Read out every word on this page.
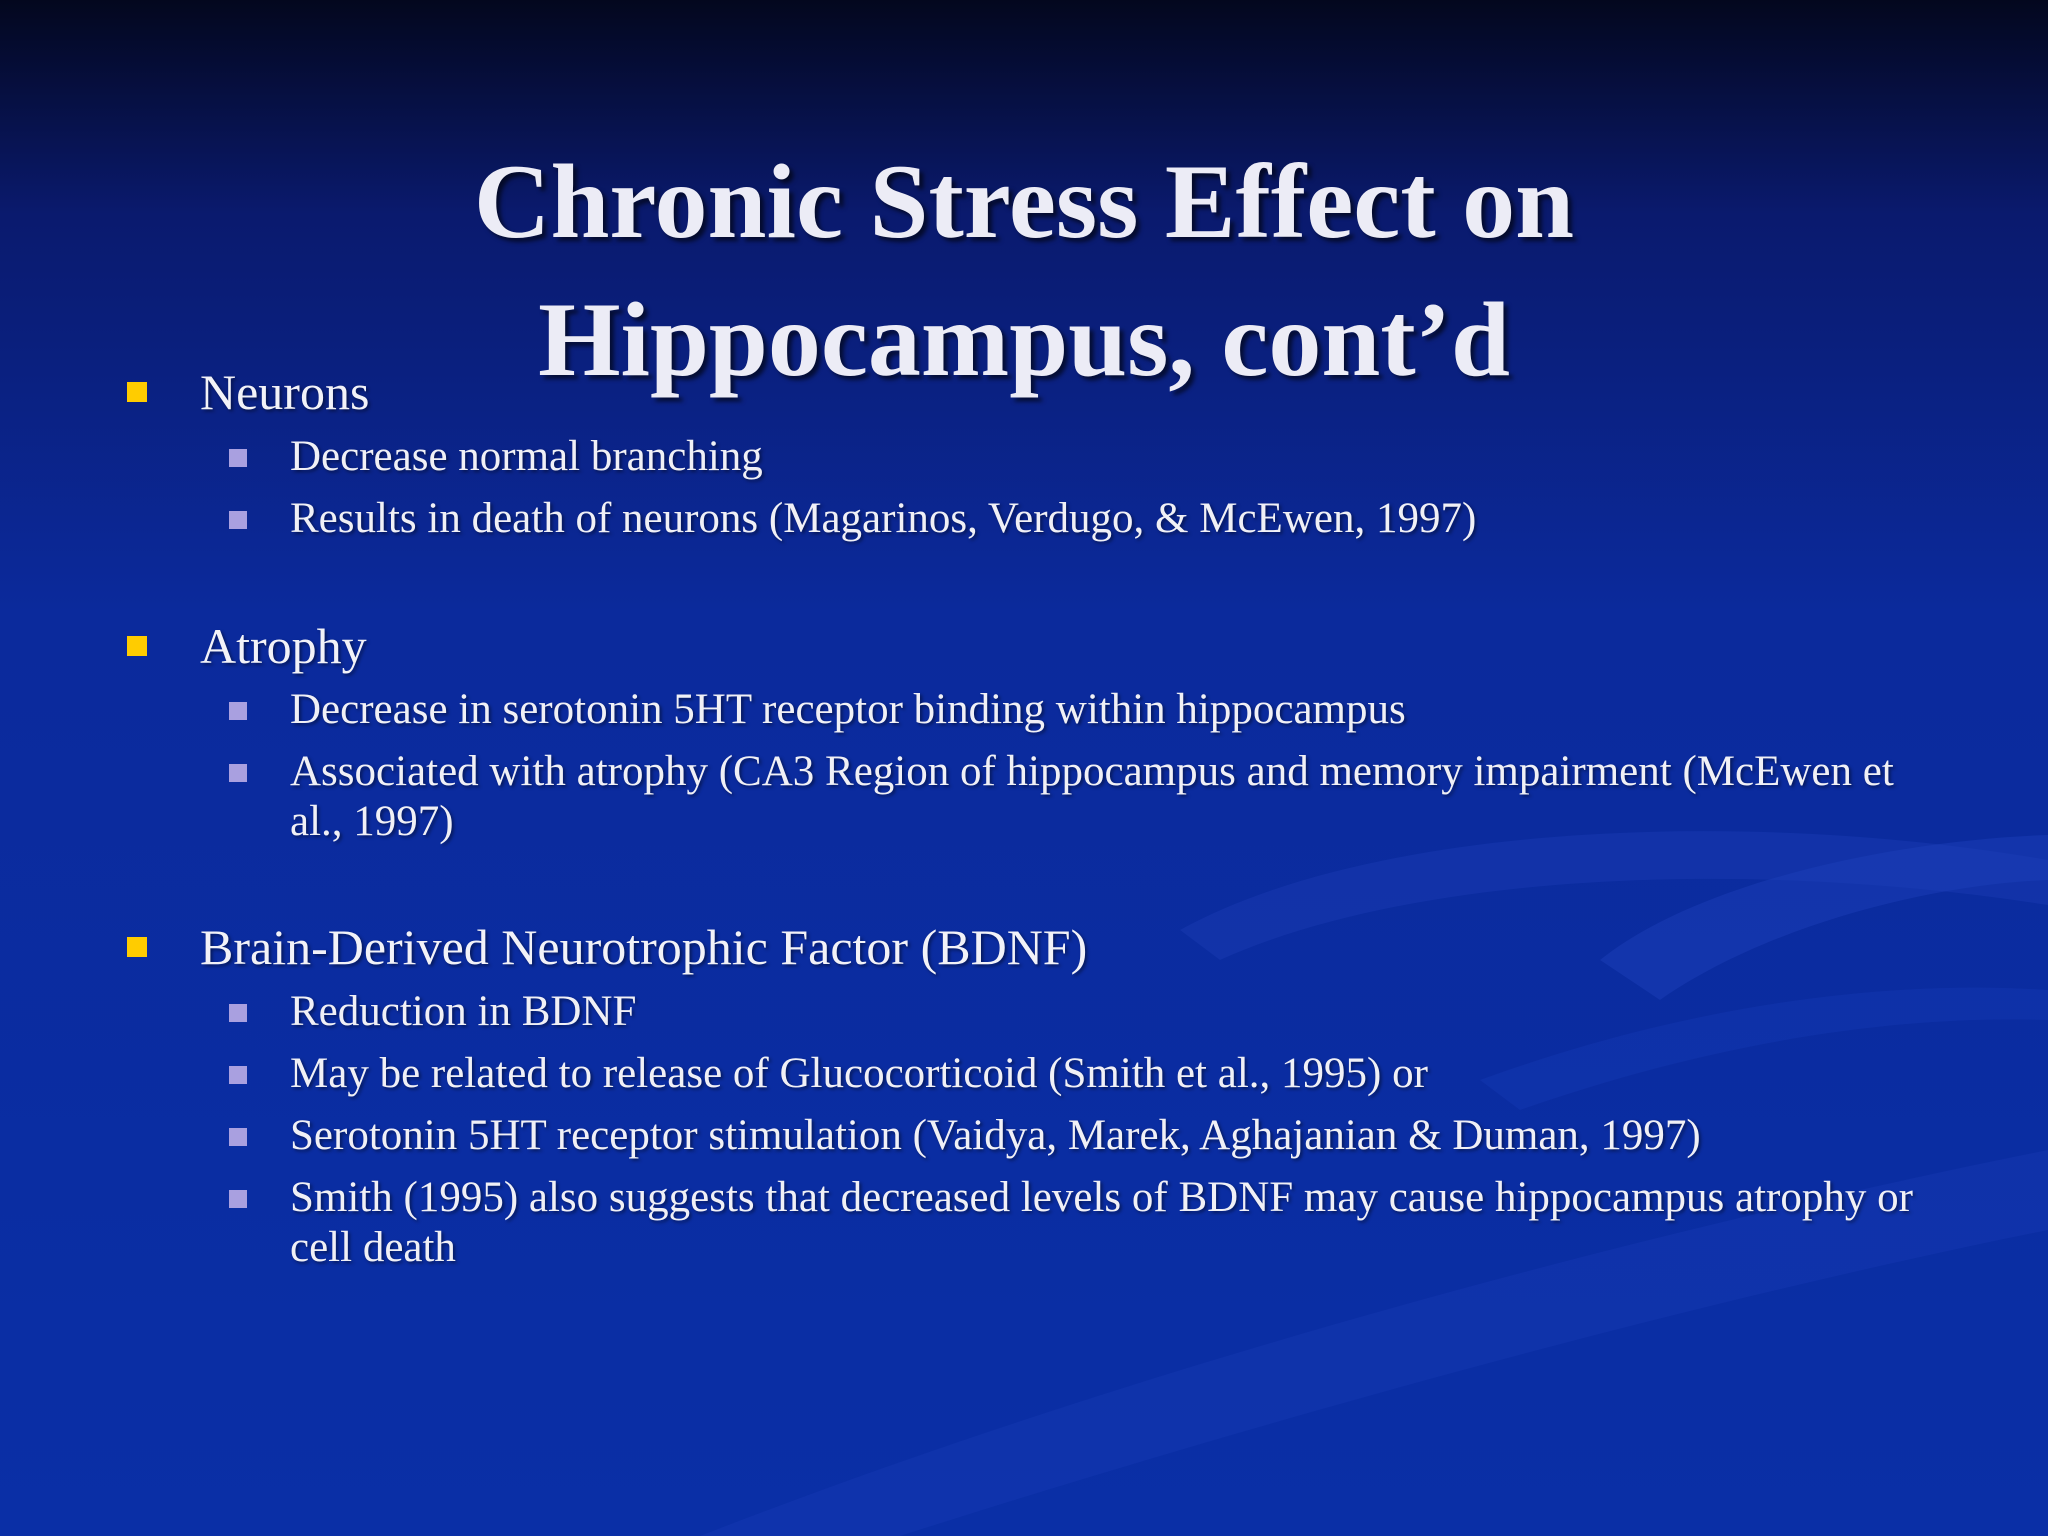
Chronic Stress Effect on
Hippocampus, cont’d
Neurons
Decrease normal branching
Results in death of neurons (Magarinos, Verdugo, & McEwen, 1997)
Atrophy
Decrease in serotonin 5HT receptor binding within hippocampus
Associated with atrophy (CA3 Region of hippocampus and memory impairment (McEwen et al., 1997)
Brain-Derived Neurotrophic Factor (BDNF)
Reduction in BDNF
May be related to release of Glucocorticoid (Smith et al., 1995) or
Serotonin 5HT receptor stimulation (Vaidya, Marek, Aghajanian & Duman, 1997)
Smith (1995) also suggests that decreased levels of BDNF may cause hippocampus atrophy or cell death
